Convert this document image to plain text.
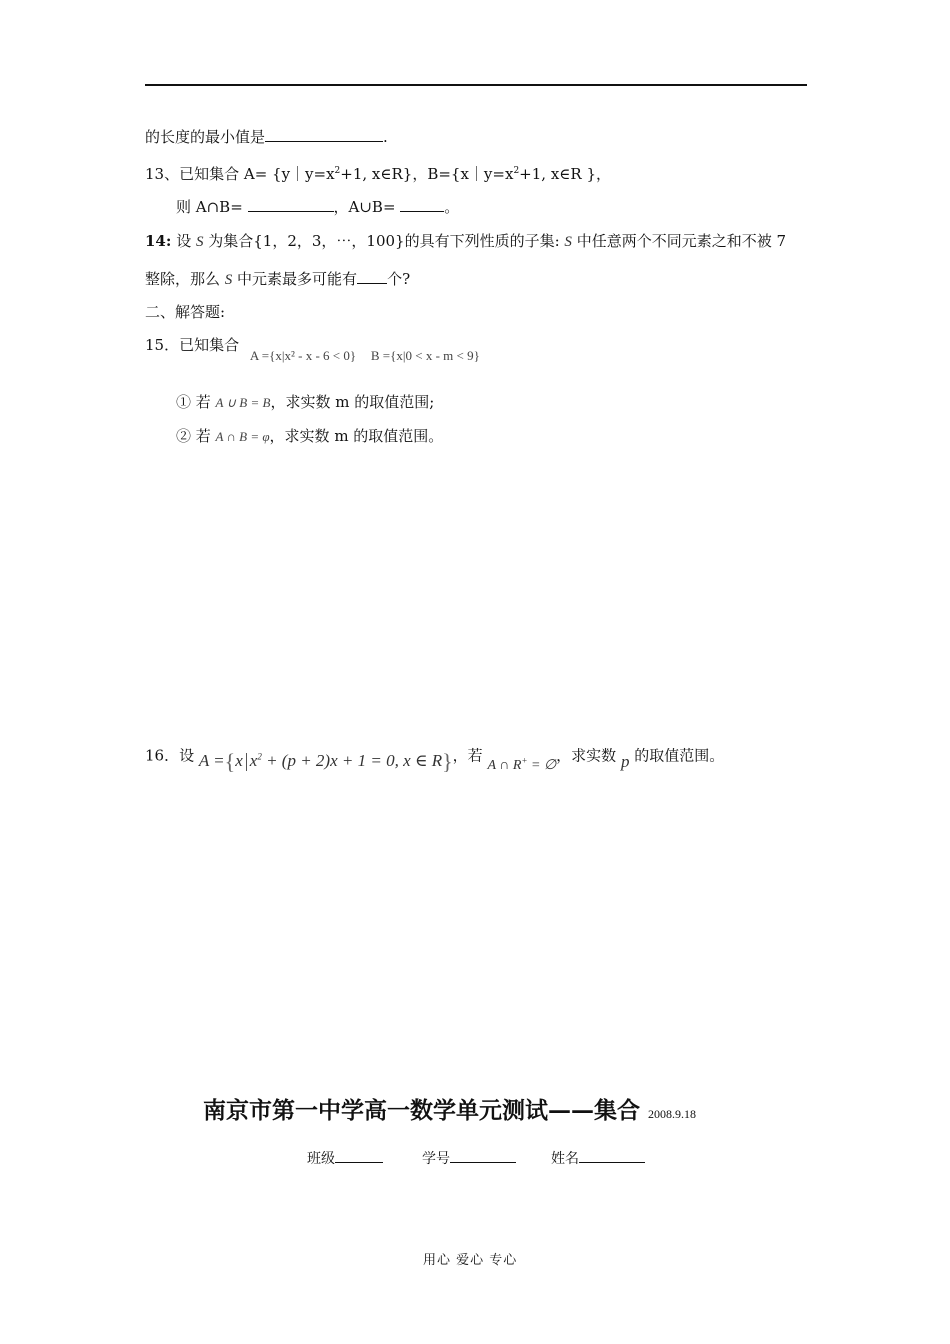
的长度的最小值是	.
13、已知集合 $A= \{y|y=x^2+1$, x∈R}，$B=\{x|y=x^2+1$, x∈R }，
则 A∩B=	，A∪B=	。
14: 设 S 为集合{1，2，3，⋯，100}的具有下列性质的子集: S 中任意两个不同元素之和不被 7
整除，那么 S 中元素最多可能有 个?
二、解答题:
15．已知集合 A ={x|x² - x - 6 < 0} B ={x|0 < x - m < 9}
① 若 A ∪ B = B，求实数 m 的取值范围;
② 若 A ∩ B = φ，求实数 m 的取值范围。
16．设 A ={x $x^2 + (p + 2)x + 1 = 0$, x ∈ R}，若 A ∩ R+ = ∅，求实数 p 的取值范围。
南京市第一中学高一数学单元测试——集合 2008.9.18
班级	学号	姓名
用心 爱心 专心
